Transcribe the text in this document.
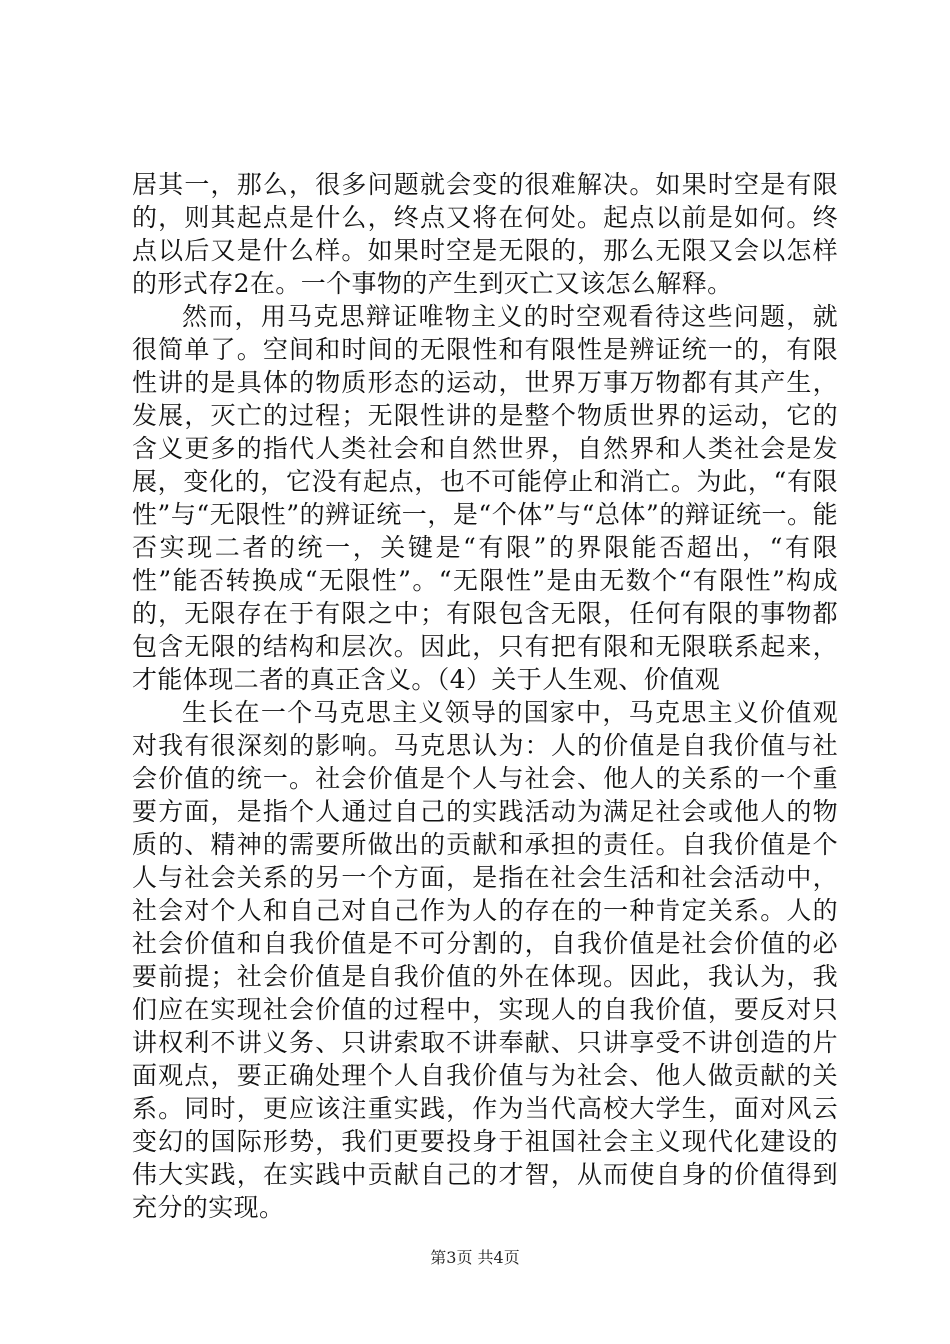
居其一，那么，很多问题就会变的很难解决。如果时空是有限的，则其起点是什么，终点又将在何处。起点以前是如何。终点以后又是什么样。如果时空是无限的，那么无限又会以怎样的形式存2在。一个事物的产生到灭亡又该怎么解释。

然而，用马克思辩证唯物主义的时空观看待这些问题，就很简单了。空间和时间的无限性和有限性是辨证统一的，有限性讲的是具体的物质形态的运动，世界万事万物都有其产生，发展，灭亡的过程；无限性讲的是整个物质世界的运动，它的含义更多的指代人类社会和自然世界，自然界和人类社会是发展，变化的，它没有起点，也不可能停止和消亡。为此，“有限性”与“无限性”的辨证统一，是“个体”与“总体”的辩证统一。能否实现二者的统一，关键是“有限”的界限能否超出，“有限性”能否转换成“无限性”。“无限性”是由无数个“有限性”构成的，无限存在于有限之中；有限包含无限，任何有限的事物都包含无限的结构和层次。因此，只有把有限和无限联系起来，才能体现二者的真正含义。（4）关于人生观、价值观

生长在一个马克思主义领导的国家中，马克思主义价值观对我有很深刻的影响。马克思认为：人的价值是自我价值与社会价值的统一。社会价值是个人与社会、他人的关系的一个重要方面，是指个人通过自己的实践活动为满足社会或他人的物质的、精神的需要所做出的贡献和承担的责任。自我价值是个人与社会关系的另一个方面，是指在社会生活和社会活动中，社会对个人和自己对自己作为人的存在的一种肯定关系。人的社会价值和自我价值是不可分割的，自我价值是社会价值的必要前提；社会价值是自我价值的外在体现。因此，我认为，我们应在实现社会价值的过程中，实现人的自我价值，要反对只讲权利不讲义务、只讲索取不讲奉献、只讲享受不讲创造的片面观点，要正确处理个人自我价值与为社会、他人做贡献的关系。同时，更应该注重实践，作为当代高校大学生，面对风云变幻的国际形势，我们更要投身于祖国社会主义现代化建设的伟大实践，在实践中贡献自己的才智，从而使自身的价值得到充分的实现。

第3页 共4页
